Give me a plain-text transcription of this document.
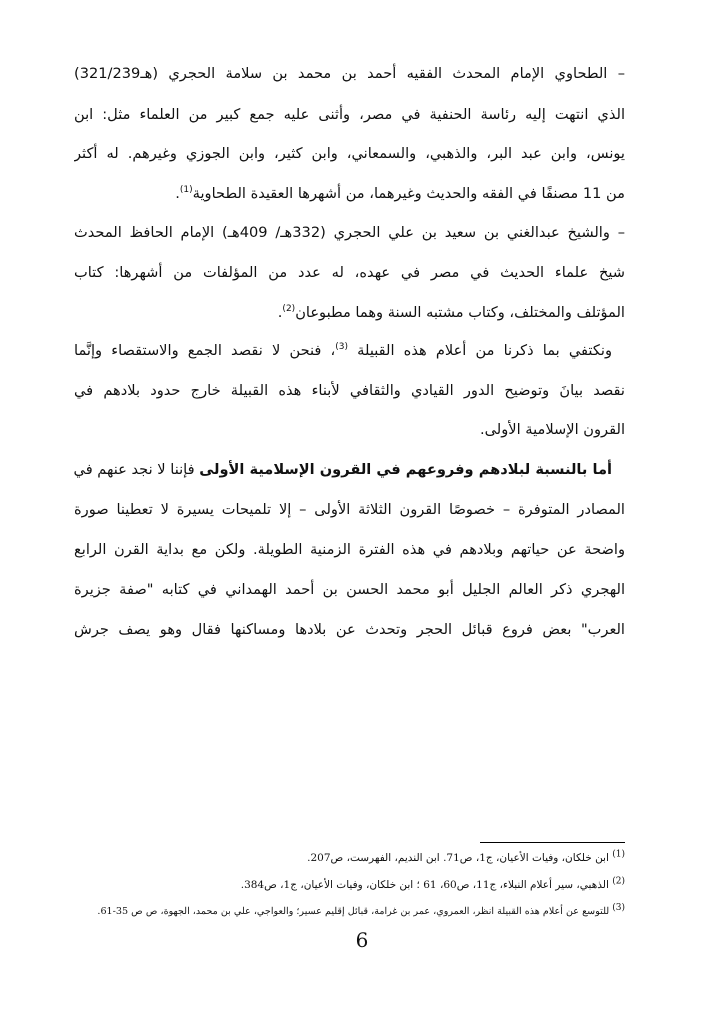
– الطحاوي الإمام المحدث الفقيه أحمد بن محمد بن سلامة الحجري (هـ321/239)
الذي انتهت إليه رئاسة الحنفية في مصر، وأثنى عليه جمع كبير من العلماء مثل: ابن
يونس، وابن عبد البر، والذهبي، والسمعاني، وابن كثير، وابن الجوزي وغيرهم. له أكثر
من 11 مصنفًا في الفقه والحديث وغيرهما، من أشهرها العقيدة الطحاوية$^{(1)}$.
– والشيخ عبدالغني بن سعيد بن علي الحجري (332هـ/ 409هـ) الإمام الحافظ المحدث
شيخ علماء الحديث في مصر في عهده، له عدد من المؤلفات من أشهرها: كتاب
المؤتلف والمختلف، وكتاب مشتبه السنة وهما مطبوعان$^{(2)}$.
ونكتفي بما ذكرنا من أعلام هذه القبيلة $^{(3)}$، فنحن لا نقصد الجمع والاستقصاء وإنَّما
نقصد بيانَ وتوضيح الدور القيادي والثقافي لأبناء هذه القبيلة خارج حدود بلادهم في
القرون الإسلامية الأولى.
أما بالنسبة لبلادهم وفروعهم في القرون الإسلامية الأولى فإننا لا نجد عنهم في
المصادر المتوفرة – خصوصًا القرون الثلاثة الأولى – إلا تلميحات يسيرة لا تعطينا صورة
واضحة عن حياتهم وبلادهم في هذه الفترة الزمنية الطويلة. ولكن مع بداية القرن الرابع
الهجري ذكر العالم الجليل أبو محمد الحسن بن أحمد الهمداني في كتابه "صفة جزيرة
العرب" بعض فروع قبائل الحجر وتحدث عن بلادها ومساكنها فقال وهو يصف جرش
$^{(1)}$ ابن خلكان، وفيات الأعيان، ج1، ص71. ابن النديم، الفهرست، ص207.
$^{(2)}$ الذهبي، سير أعلام النبلاء، ج11، ص60، 61 ؛ ابن خلكان، وفيات الأعيان، ج1، ص384.
$^{(3)}$ للتوسع عن أعلام هذه القبيلة انظر، العمروي، عمر بن غرامة، قبائل إقليم عسير؛ والعواجي، علي بن محمد، الجهوة، ص ص 35-61.
6
